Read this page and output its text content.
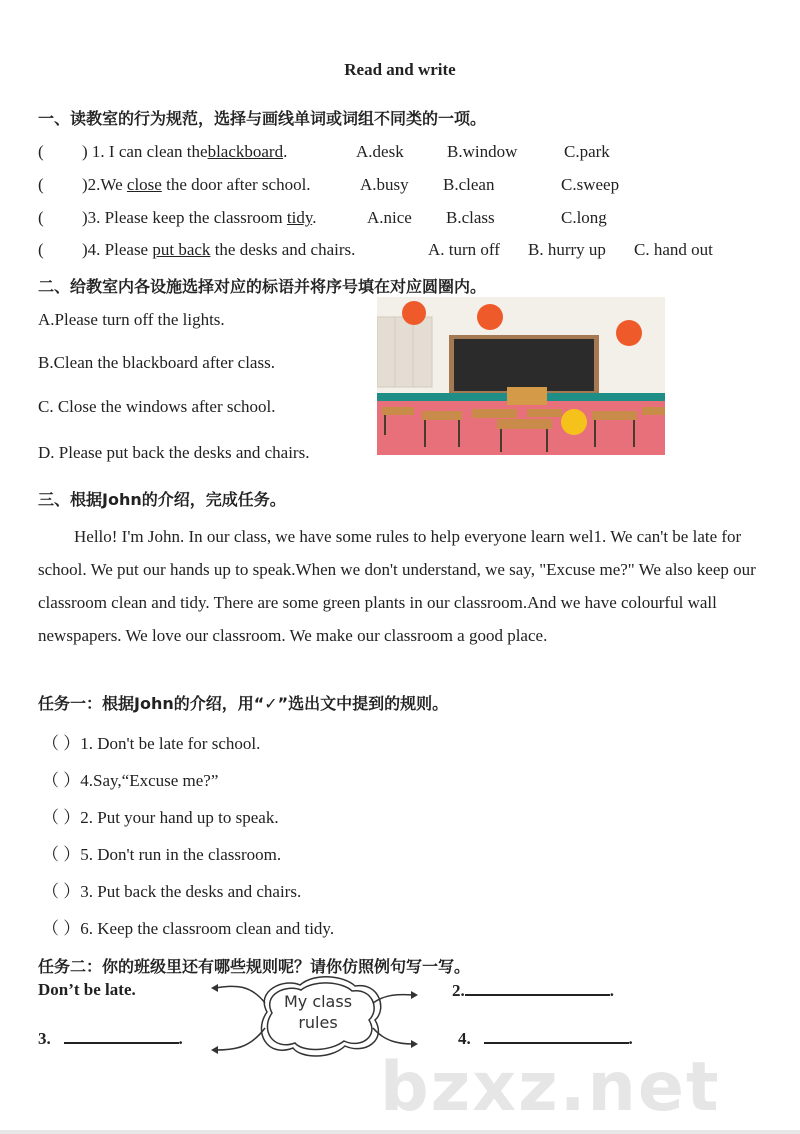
Read and write
一、读教室的行为规范，选择与画线单词或词组不同类的一项。
( ) 1. I can clean theblackboard.	A.desk	B.window	C.park
( )2.We close the door after school.	A.busy B.clean	C.sweep
( )3. Please keep the classroom tidy.	A.nice B.class	C.long
( )4. Please put back the desks and chairs.	A. turn off B. hurry up C. hand out
二、给教室内各设施选择对应的标语并将序号填在对应圆圈内。
A.Please turn off the lights.
B.Clean the blackboard after class.
C. Close the windows after school.
D. Please put back the desks and chairs.
三、根据John的介绍，完成任务。
Hello! I'm John. In our class, we have some rules to help everyone learn wel1. We can't be late for school. We put our hands up to speak.When we don't understand, we say, "Excuse me?" We also keep our classroom clean and tidy. There are some green plants in our classroom.And we have colourful wall newspapers. We love our classroom. We make our classroom a good place.
任务一：根据John的介绍，用“✓”选出文中提到的规则。
（ ）1. Don't be late for school.
（ ）4.Say,“Excuse me?”
（ ）2. Put your hand up to speak.
（ ）5. Don't run in the classroom.
（ ）3. Put back the desks and chairs.
（ ）6. Keep the classroom clean and tidy.
任务二：你的班级里还有哪些规则呢？请你仿照例句写一写。
Don’t be late.
My class
rules
2.	.
3.	.	4.	.
bzxz.net
